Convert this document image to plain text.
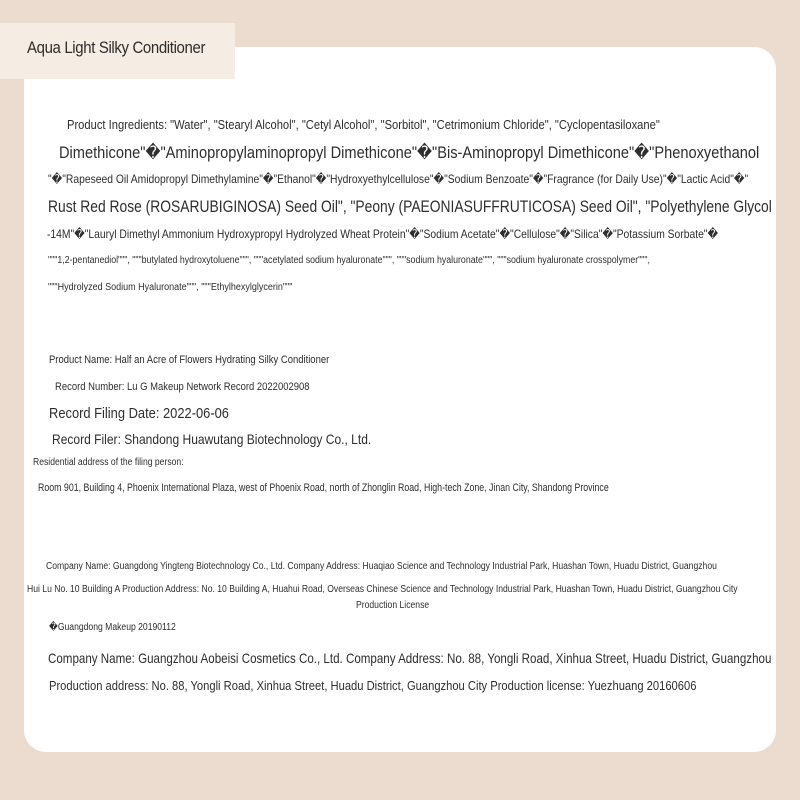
Aqua Light Silky Conditioner
Product Ingredients: "Water", "Stearyl Alcohol", "Cetyl Alcohol", "Sorbitol", "Cetrimonium Chloride", "Cyclopentasiloxane"
Dimethicone"�"Aminopropylaminopropyl Dimethicone"�"Bis-Aminopropyl Dimethicone"�"Phenoxyethanol
"�"Rapeseed Oil Amidopropyl Dimethylamine"�"Ethanol"�"Hydroxyethylcellulose"�"Sodium Benzoate"�"Fragrance (for Daily Use)"�"Lactic Acid"�"
Rust Red Rose (ROSARUBIGINOSA) Seed Oil", "Peony (PAEONIASUFFRUTICOSA) Seed Oil", "Polyethylene Glycol
-14M"�"Lauryl Dimethyl Ammonium Hydroxypropyl Hydrolyzed Wheat Protein"�"Sodium Acetate"�"Cellulose"�"Silica"�"Potassium Sorbate"�
"""1,2-pentanediol""", """butylated hydroxytoluene""", """acetylated sodium hyaluronate""", """sodium hyaluronate""", """sodium hyaluronate crosspolymer""",
"""Hydrolyzed Sodium Hyaluronate""", """Ethylhexylglycerin"""
Product Name: Half an Acre of Flowers Hydrating Silky Conditioner
Record Number: Lu G Makeup Network Record 2022002908
Record Filing Date: 2022-06-06
Record Filer: Shandong Huawutang Biotechnology Co., Ltd.
Residential address of the filing person:
Room 901, Building 4, Phoenix International Plaza, west of Phoenix Road, north of Zhonglin Road, High-tech Zone, Jinan City, Shandong Province
Company Name: Guangdong Yingteng Biotechnology Co., Ltd. Company Address: Huaqiao Science and Technology Industrial Park, Huashan Town, Huadu District, Guangzhou
Hui Lu No. 10 Building A Production Address: No. 10 Building A, Huahui Road, Overseas Chinese Science and Technology Industrial Park, Huashan Town, Huadu District, Guangzhou City
Production License
�Guangdong Makeup 20190112
Company Name: Guangzhou Aobeisi Cosmetics Co., Ltd. Company Address: No. 88, Yongli Road, Xinhua Street, Huadu District, Guangzhou
Production address: No. 88, Yongli Road, Xinhua Street, Huadu District, Guangzhou City Production license: Yuezhuang 20160606
